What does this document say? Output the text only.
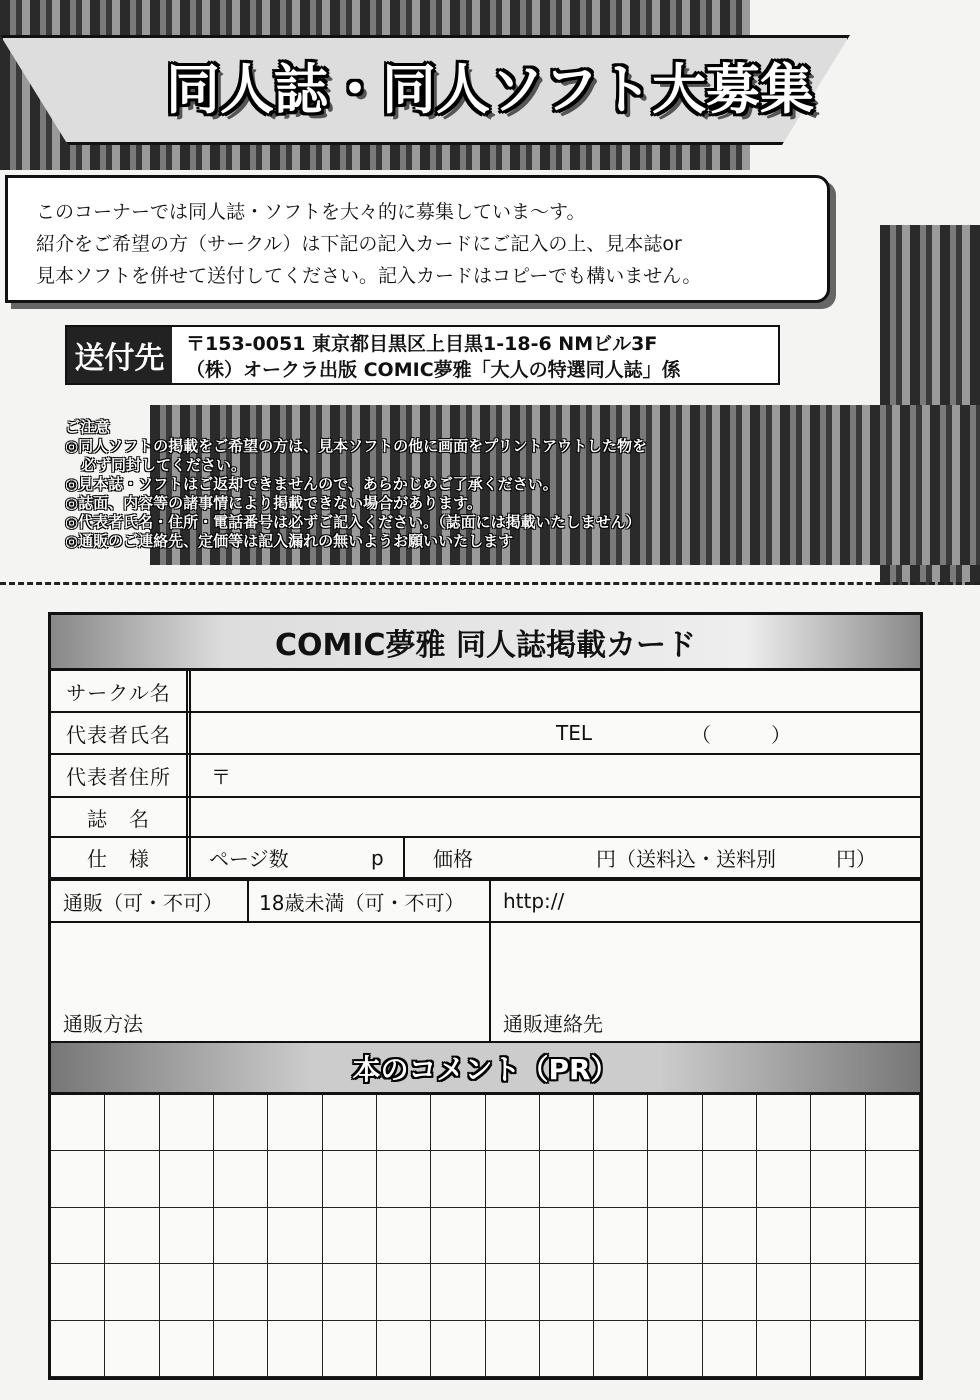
同人誌・同人ソフト大募集
このコーナーでは同人誌・ソフトを大々的に募集していま～す。
紹介をご希望の方（サークル）は下記の記入カードにご記入の上、見本誌or
見本ソフトを併せて送付してください。記入カードはコピーでも構いません。
送付先	〒153-0051 東京都目黒区上目黒1-18-6 NMビル3F
（株）オークラ出版 COMIC夢雅「大人の特選同人誌」係
ご注意
◎同人ソフトの掲載をご希望の方は、見本ソフトの他に画面をプリントアウトした物を
必ず同封してください。
◎見本誌・ソフトはご返却できませんので、あらかじめご了承ください。
◎誌面、内容等の諸事情により掲載できない場合があります。
◎代表者氏名・住所・電話番号は必ずご記入ください。（誌面には掲載いたしません）
◎通販のご連絡先、定価等は記入漏れの無いようお願いいたします
COMIC夢雅 同人誌掲載カード
サークル名
代表者氏名	TEL	（　　　）
代表者住所	〒
誌　名
仕　様	ページ数	p 価格	円（送料込・送料別　　　円）
通販（可・不可） 18歳未満（可・不可） http://
通販方法	通販連絡先
本のコメント（PR）
